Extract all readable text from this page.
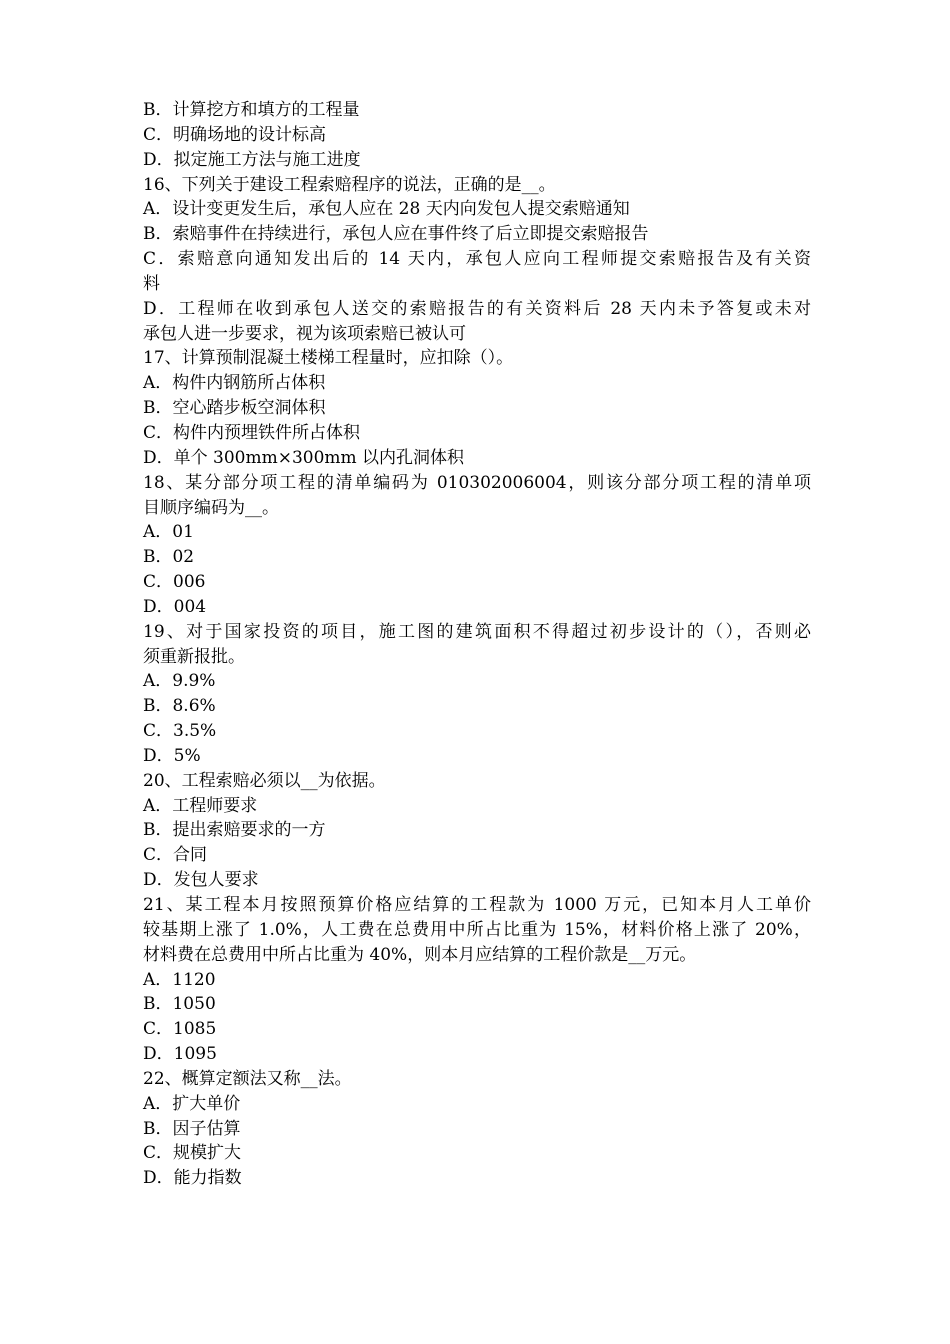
B．计算挖方和填方的工程量
C．明确场地的设计标高
D．拟定施工方法与施工进度
16、下列关于建设工程索赔程序的说法，正确的是__。
A．设计变更发生后，承包人应在 28 天内向发包人提交索赔通知
B．索赔事件在持续进行，承包人应在事件终了后立即提交索赔报告
C．索赔意向通知发出后的 14 天内，承包人应向工程师提交索赔报告及有关资
料
D．工程师在收到承包人送交的索赔报告的有关资料后 28 天内未予答复或未对
承包人进一步要求，视为该项索赔已被认可
17、计算预制混凝土楼梯工程量时，应扣除（）。
A．构件内钢筋所占体积
B．空心踏步板空洞体积
C．构件内预埋铁件所占体积
D．单个 300mm×300mm 以内孔洞体积
18、某分部分项工程的清单编码为 010302006004，则该分部分项工程的清单项
目顺序编码为__。
A．01
B．02
C．006
D．004
19、对于国家投资的项目，施工图的建筑面积不得超过初步设计的（），否则必
须重新报批。
A．9.9%
B．8.6%
C．3.5%
D．5%
20、工程索赔必须以__为依据。
A．工程师要求
B．提出索赔要求的一方
C．合同
D．发包人要求
21、某工程本月按照预算价格应结算的工程款为 1000 万元，已知本月人工单价
较基期上涨了 1.0%，人工费在总费用中所占比重为 15%，材料价格上涨了 20%，
材料费在总费用中所占比重为 40%，则本月应结算的工程价款是__万元。
A．1120
B．1050
C．1085
D．1095
22、概算定额法又称__法。
A．扩大单价
B．因子估算
C．规模扩大
D．能力指数
